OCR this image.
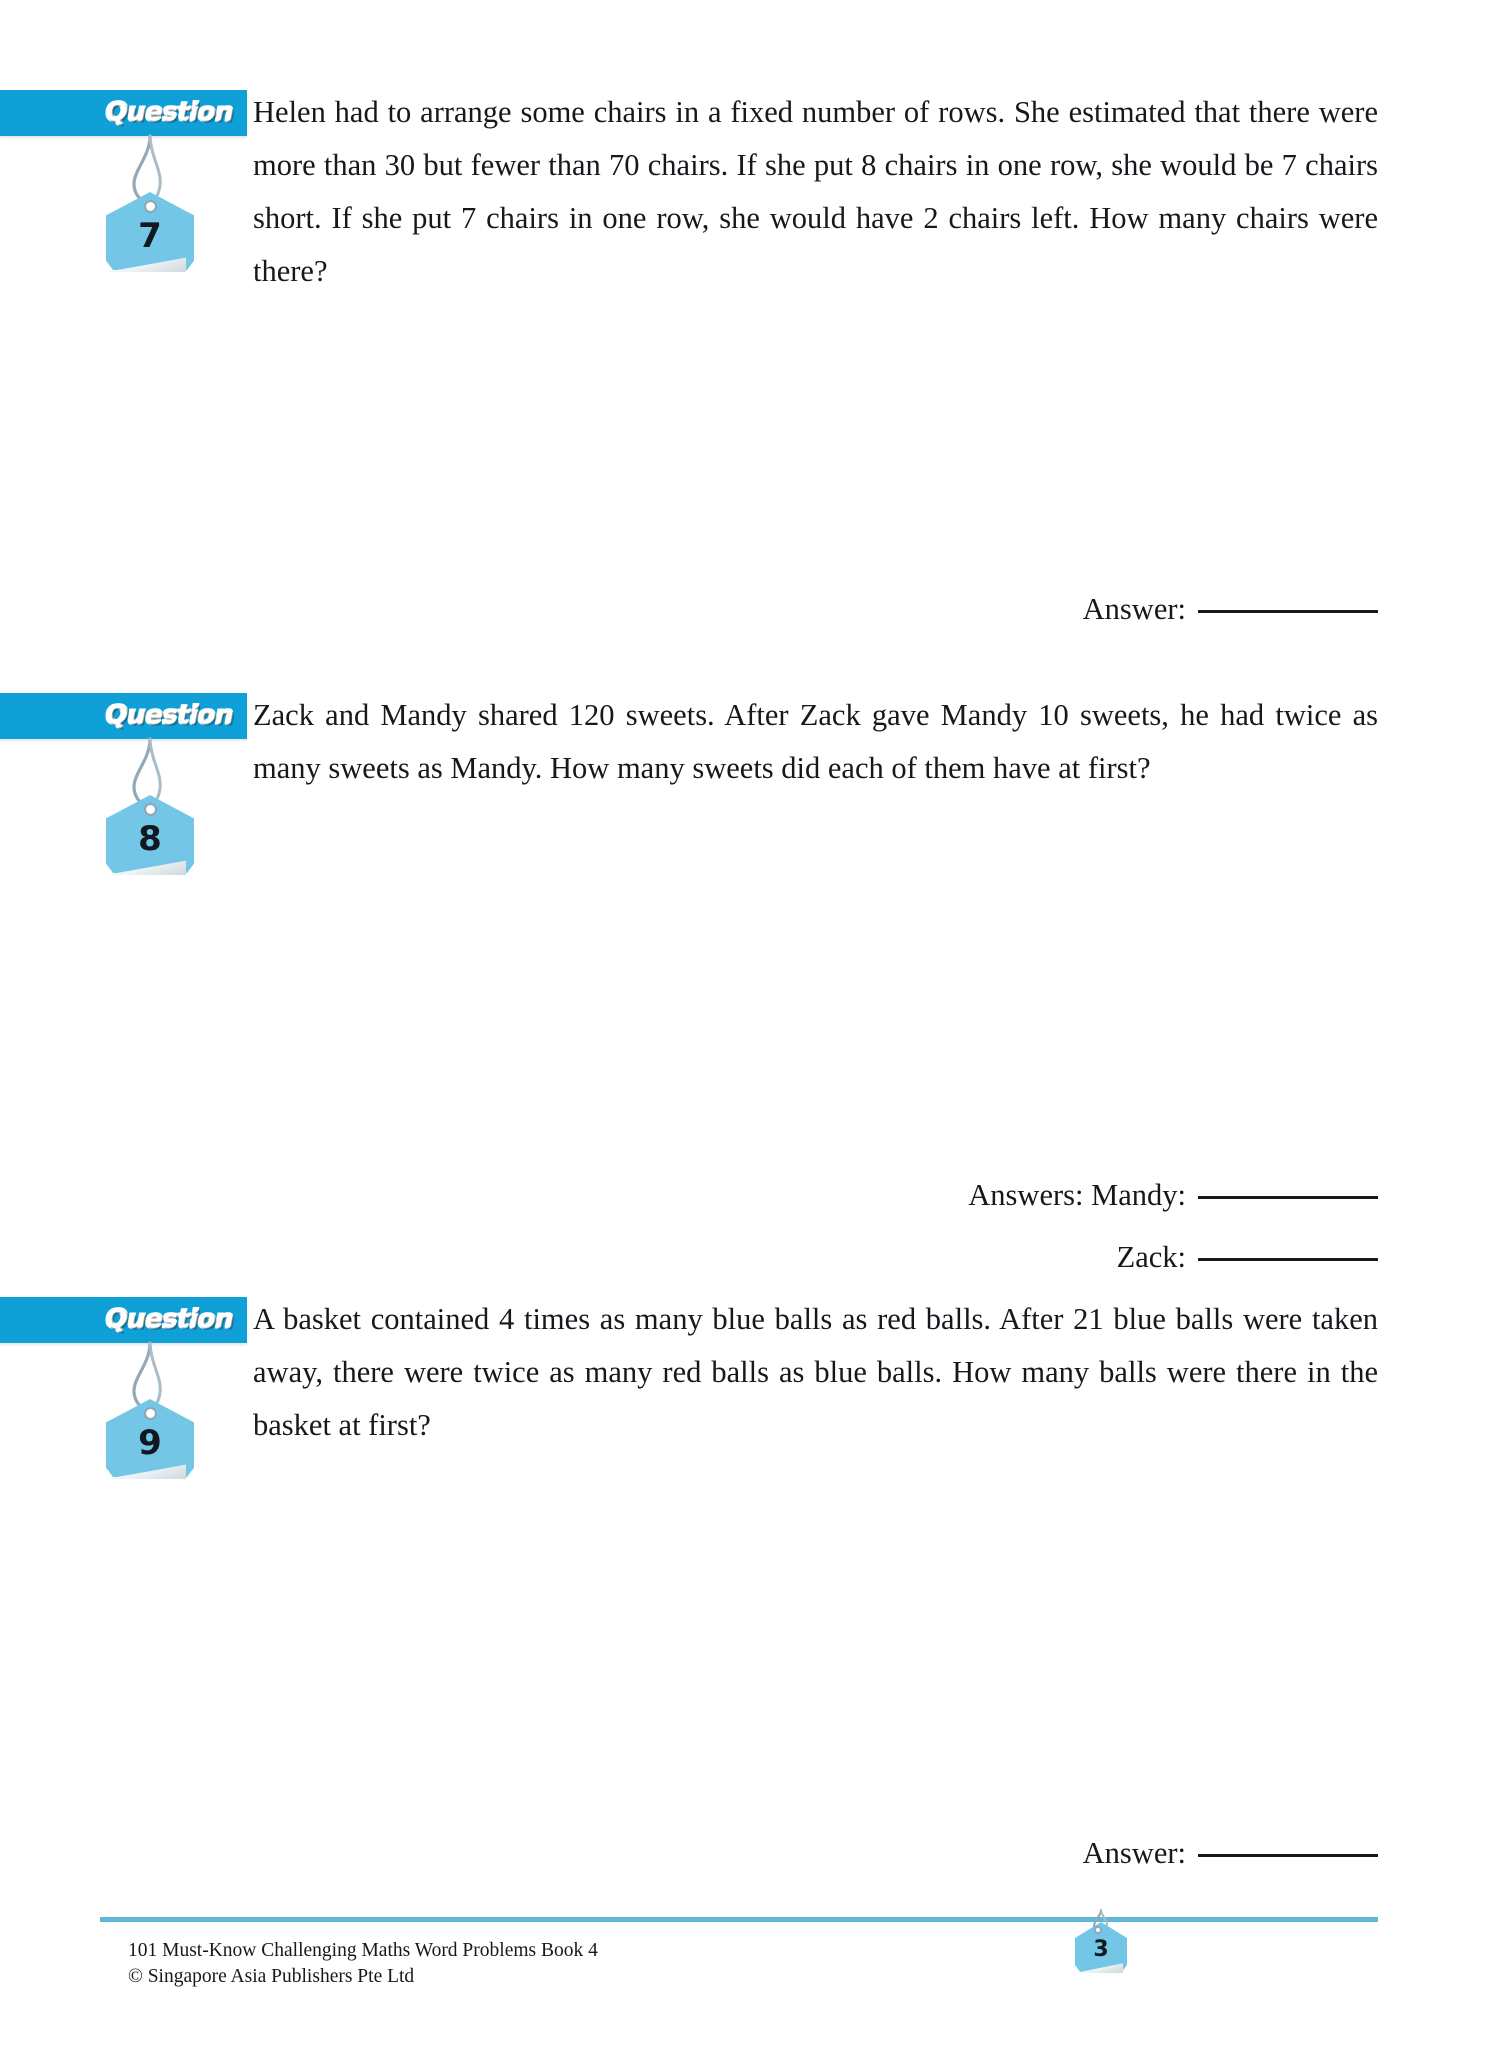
Question
7
Helen had to arrange some chairs in a fixed number of rows. She estimated that there were more than 30 but fewer than 70 chairs. If she put 8 chairs in one row, she would be 7 chairs short. If she put 7 chairs in one row, she would have 2 chairs left. How many chairs were there?
Answer:
Question
8
Zack and Mandy shared 120 sweets. After Zack gave Mandy 10 sweets, he had twice as many sweets as Mandy. How many sweets did each of them have at first?
Answers: Mandy:
Zack:
Question
9
A basket contained 4 times as many blue balls as red balls. After 21 blue balls were taken away, there were twice as many red balls as blue balls. How many balls were there in the basket at first?
Answer:
101 Must-Know Challenging Maths Word Problems Book 4
© Singapore Asia Publishers Pte Ltd
3
